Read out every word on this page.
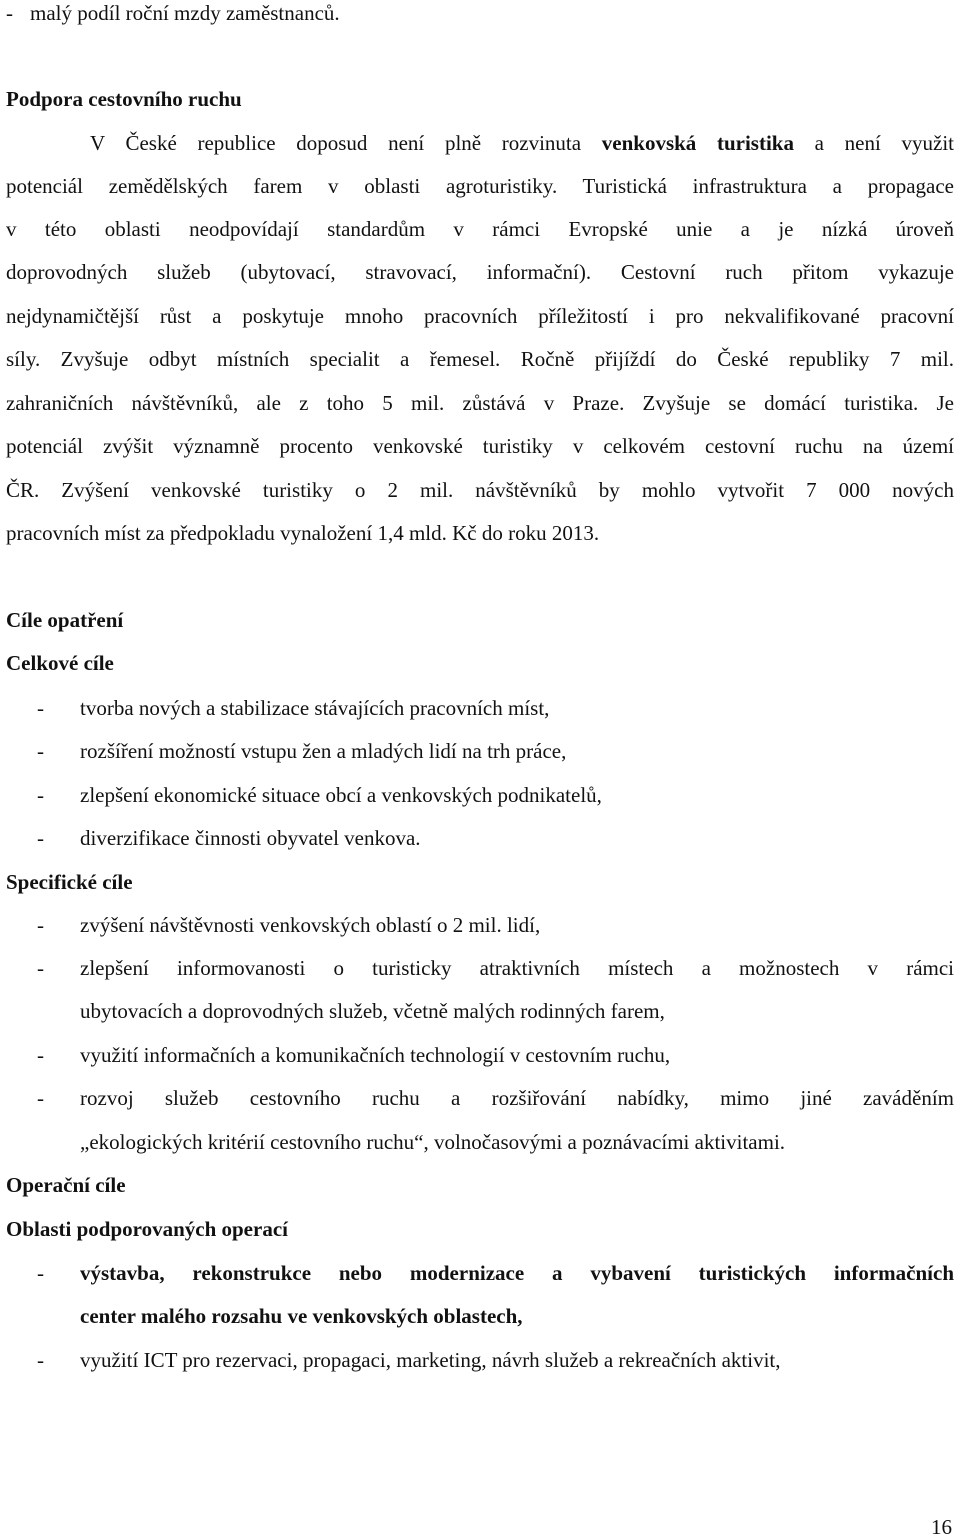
- malý podíl roční mzdy zaměstnanců.
Podpora cestovního ruchu
V České republice doposud není plně rozvinuta venkovská turistika a není využit
potenciál zemědělských farem v oblasti agroturistiky. Turistická infrastruktura a propagace
v této oblasti neodpovídají standardům v rámci Evropské unie a je nízká úroveň
doprovodných služeb (ubytovací, stravovací, informační). Cestovní ruch přitom vykazuje
nejdynamičtější růst a poskytuje mnoho pracovních příležitostí i pro nekvalifikované pracovní
síly. Zvyšuje odbyt místních specialit a řemesel. Ročně přijíždí do České republiky 7 mil.
zahraničních návštěvníků, ale z toho 5 mil. zůstává v Praze. Zvyšuje se domácí turistika. Je
potenciál zvýšit významně procento venkovské turistiky v celkovém cestovní ruchu na území
ČR. Zvýšení venkovské turistiky o 2 mil. návštěvníků by mohlo vytvořit 7 000 nových
pracovních míst za předpokladu vynaložení 1,4 mld. Kč do roku 2013.
Cíle opatření
Celkové cíle
- tvorba nových a stabilizace stávajících pracovních míst,
- rozšíření možností vstupu žen a mladých lidí na trh práce,
- zlepšení ekonomické situace obcí a venkovských podnikatelů,
- diverzifikace činnosti obyvatel venkova.
Specifické cíle
- zvýšení návštěvnosti venkovských oblastí o 2 mil. lidí,
- zlepšení informovanosti o turisticky atraktivních místech a možnostech v rámci
ubytovacích a doprovodných služeb, včetně malých rodinných farem,
- využití informačních a komunikačních technologií v cestovním ruchu,
- rozvoj služeb cestovního ruchu a rozšiřování nabídky, mimo jiné zaváděním
„ekologických kritérií cestovního ruchu“, volnočasovými a poznávacími aktivitami.
Operační cíle
Oblasti podporovaných operací
- výstavba, rekonstrukce nebo modernizace a vybavení turistických informačních
center malého rozsahu ve venkovských oblastech,
- využití ICT pro rezervaci, propagaci, marketing, návrh služeb a rekreačních aktivit,
16
